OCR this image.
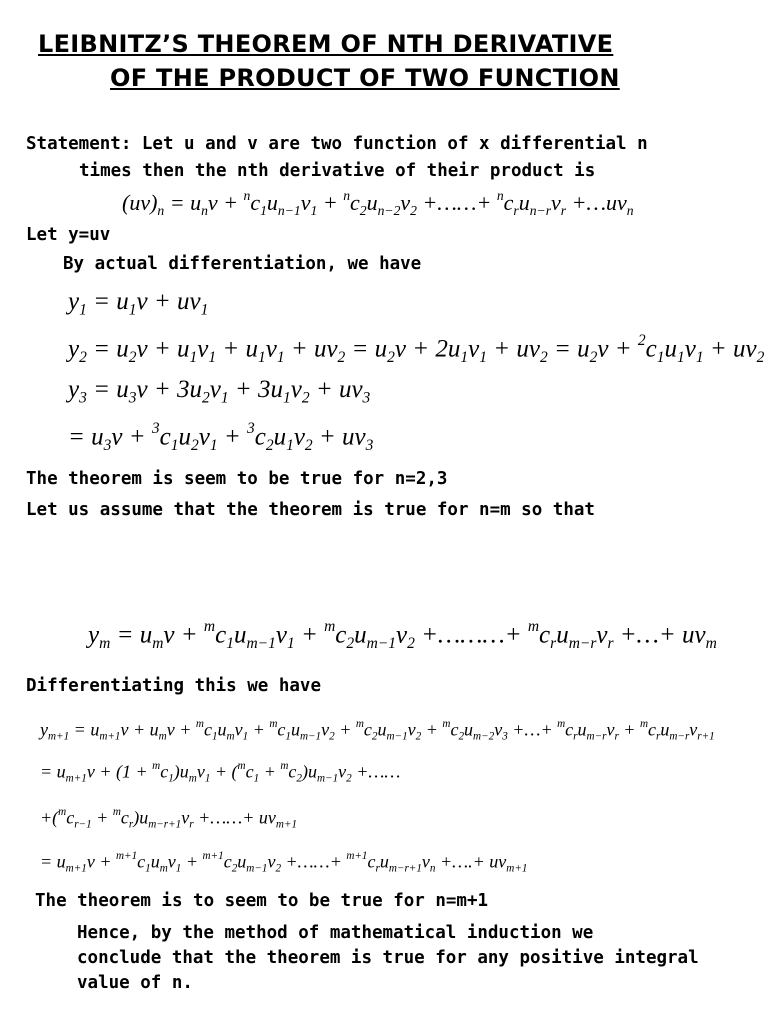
LEIBNITZ’S THEOREM OF NTH DERIVATIVE
OF THE PRODUCT OF TWO FUNCTION
Statement: Let u and v are two function of x differential n
times then the nth derivative of their product is
$(uv)_n = u_nv + ^nc_1u_{n-1}v_1 + ^nc_2u_{n-2}v_2$ +……+ $^nc_ru_{n-r}v_r$ $+\dots uv_n$
Let y=uv
By actual differentiation, we have
$y_1 = u_1v + uv_1$
$y_2 = u_2v + u_1v_1 + u_1v_1 + uv_2 = u_2v + 2u_1v_1 + uv_2 = u_2v + ^2c_1u_1v_1 + uv_2$
$y_3 = u_3v + 3u_2v_1 + 3u_1v_2 + uv_3$
= $u_3v + ^3c_1u_2v_1 + ^3c_2u_1v_2 + uv_3$
The theorem is seem to be true for n=2,3
Let us assume that the theorem is true for n=m so that
$y_m = u_mv + ^mc_1u_{m-1}v_1 + ^mc_2u_{m-1}v_2$ +………+ $^mc_ru_{m-r}v_r$ +…+ $uv_m$
Differentiating this we have
$y_{m+1} = u_{m+1}v + u_mv + ^mc_1u_mv_1 + ^mc_1u_{m-1}v_2 + ^mc_2u_{m-1}v_2 + ^mc_2u_{m-2}v_3$ +…+ $^mc_ru_{m-r}v_r + ^mc_ru_{m-r}v_{r+1}$
= $u_{m+1}v + (1 + ^mc_1)u_mv_1 + (^mc_1 + ^mc_2)u_{m-1}v_2$ +……
$+(^mc_{r-1} + ^mc_r)u_{m-r+1}v_r$ +……+ $uv_{m+1}$
= $u_{m+1}v + ^{m+1}c_1u_mv_1 + ^{m+1}c_2u_{m-1}v_2$ +……+ $^{m+1}c_ru_{m-r+1}v_n$ +….+ $uv_{m+1}$
The theorem is to seem to be true for n=m+1
Hence, by the method of mathematical induction we
conclude that the theorem is true for any positive integral
value of n.
